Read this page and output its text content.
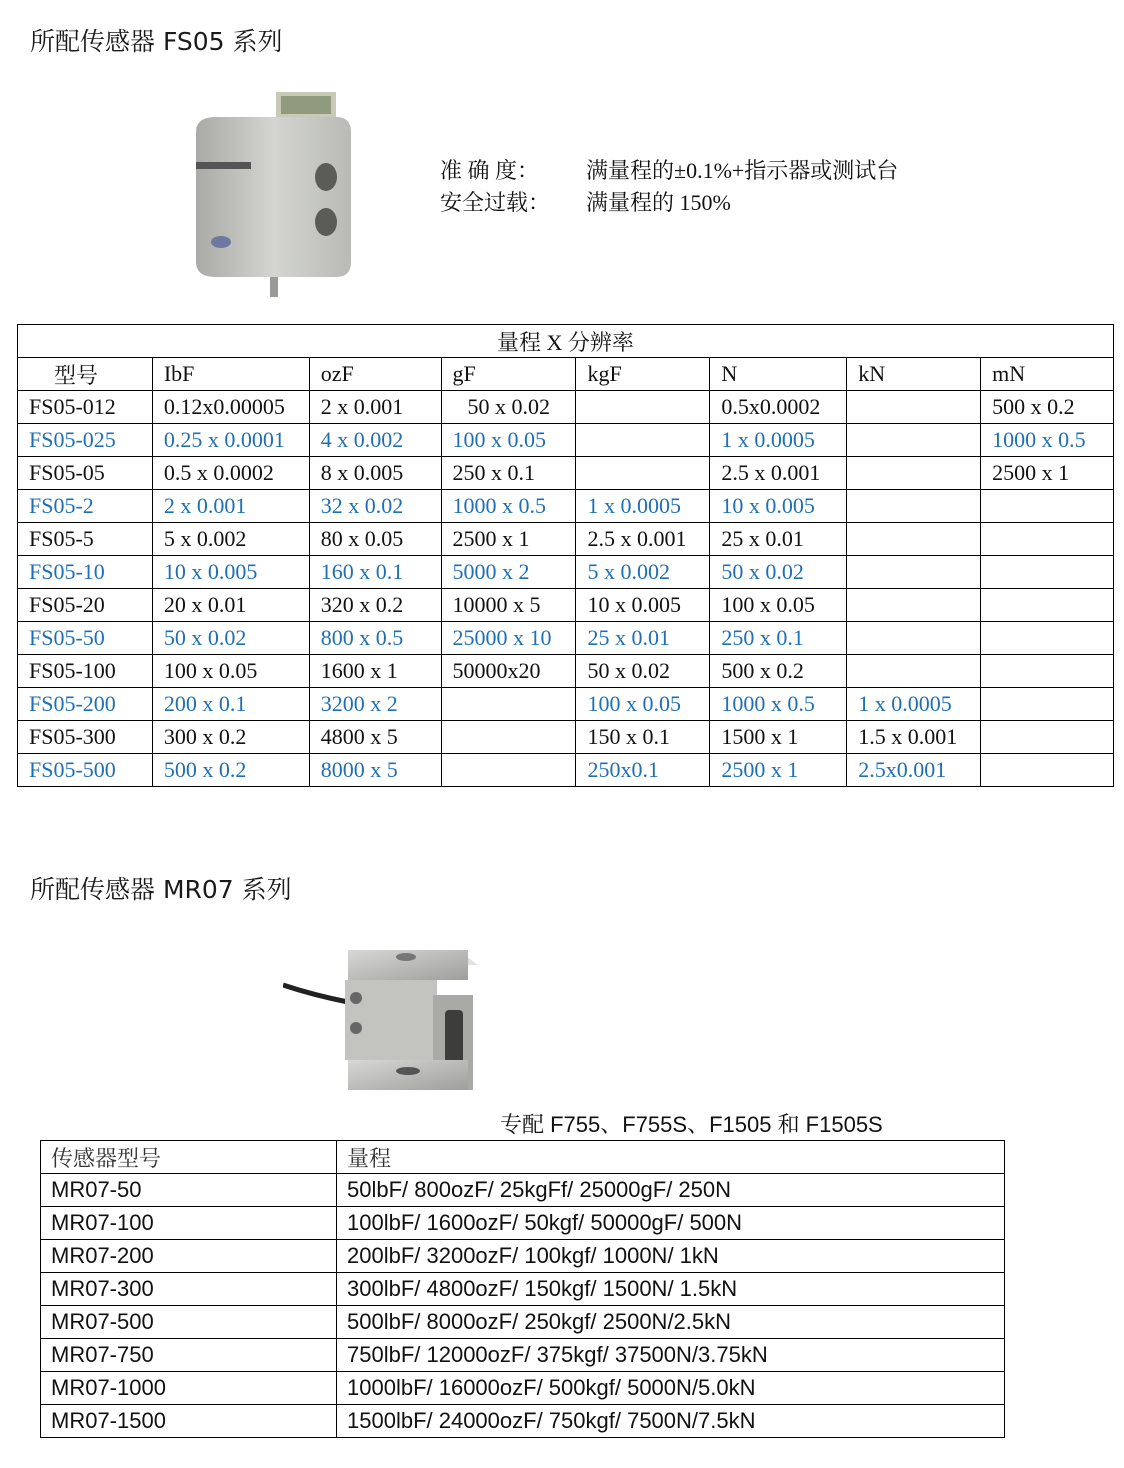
所配传感器 FS05 系列
准 确 度：	满量程的±0.1%+指示器或测试台
安全过载：	满量程的 150%
量程 X 分辨率							
型号	IbF	ozF	gF	kgF	N	kN	mN
FS05-012	0.12x0.00005	2 x 0.001	50 x 0.02		0.5x0.0002		500 x 0.2
FS05-025	0.25 x 0.0001	4 x 0.002	100 x 0.05		1 x 0.0005		1000 x 0.5
FS05-05	0.5 x 0.0002	8 x 0.005	250 x 0.1		2.5 x 0.001		2500 x 1
FS05-2	2 x 0.001	32 x 0.02	1000 x 0.5	1 x 0.0005	10 x 0.005		
FS05-5	5 x 0.002	80 x 0.05	2500 x 1	2.5 x 0.001	25 x 0.01		
FS05-10	10 x 0.005	160 x 0.1	5000 x 2	5 x 0.002	50 x 0.02		
FS05-20	20 x 0.01	320 x 0.2	10000 x 5	10 x 0.005	100 x 0.05		
FS05-50	50 x 0.02	800 x 0.5	25000 x 10	25 x 0.01	250 x 0.1		
FS05-100	100 x 0.05	1600 x 1	50000x20	50 x 0.02	500 x 0.2		
FS05-200	200 x 0.1	3200 x 2		100 x 0.05	1000 x 0.5	1 x 0.0005	
FS05-300	300 x 0.2	4800 x 5		150 x 0.1	1500 x 1	1.5 x 0.001	
FS05-500	500 x 0.2	8000 x 5		250x0.1	2500 x 1	2.5x0.001	
所配传感器 MR07 系列
专配 F755、F755S、F1505 和 F1505S
传感器型号	量程
MR07-50	50lbF/ 800ozF/ 25kgFf/ 25000gF/ 250N
MR07-100	100lbF/ 1600ozF/ 50kgf/ 50000gF/ 500N
MR07-200	200lbF/ 3200ozF/ 100kgf/ 1000N/ 1kN
MR07-300	300lbF/ 4800ozF/ 150kgf/ 1500N/ 1.5kN
MR07-500	500lbF/ 8000ozF/ 250kgf/ 2500N/2.5kN
MR07-750	750lbF/ 12000ozF/ 375kgf/ 37500N/3.75kN
MR07-1000	1000lbF/ 16000ozF/ 500kgf/ 5000N/5.0kN
MR07-1500	1500lbF/ 24000ozF/ 750kgf/ 7500N/7.5kN
